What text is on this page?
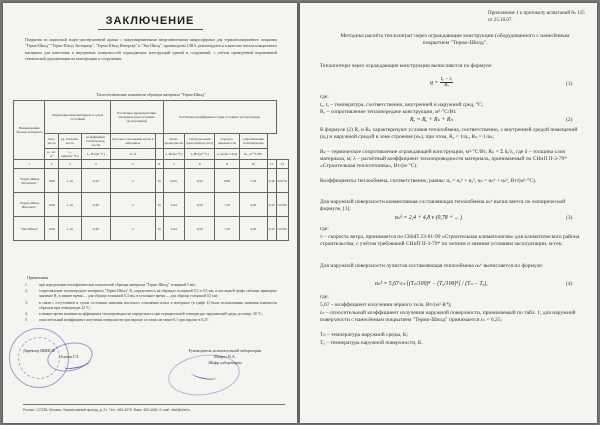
ЗАКЛЮЧЕНИЕ
Покрытия из акриловой водно-дисперсионной краски с вакуумированными неорганическими микросферами для термоизоляционного покрытия "Термо-Шилд" "Термо-Шилд Экстериор", "Термо-Шилд Интерьер" и "Эко-Шилд", производства США, рекомендуются в качестве теплоизоляционного материала для нанесения и внутренних поверхностей ограждающих конструкций зданий и сооружений, с учётом приведённой нормативной технической документации на конструкции и сооружения.
Теплотехнические показатели образцов материала "Термо-Шилд"
Наименование образца материала	Характеристики материала в сухом состоянии			Расчётные характеристики материала (при условиях эксплуатации)		Расчётные коэффициенты (при условиях эксплуатации)					
	плотность	уд. теплоёмкость	коэффициент теплопроводности	массовое отношение влаги в материале		теплопроводности	теплоусвоения (при периоде 24 ч)	паропроницаемости	сопротивление теплопередаче		
	ρ₀, кг/м³	c₀, кДж/(кг·°С)	λ₀, Вт/(м·°С)	w, %		λ, Вт/(м·°С)	s, Вт/(м²·°С)	μ, мг/(м·ч·Па)	R₀, м²·°С/Вт		
1	2	3	4	5	6	7	8	9	10	11	12
"Термо-Шилд Экстериор"	1000	1,10	0,35	5	10	0,051	0,55	6,98	5,18	0,49	0,0170
"Термо-Шилд Интерьер"	1100	1,10	0,40	5	10	0,44	0,50	7,10	6,50	0,45	0,0230
"Эко-Шилд"	1100	1,10	0,40	5	10	0,44	0,50	7,10	6,50	0,45	0,0230
Примечания
1.	при определении теплофизических показателей образцы материала "Термо-Шилд" толщиной 5 мм;
2.	сопротивление теплопередаче материала "Термо-Шилд" R₀ определялось на образцах толщиной 0,5 и 0,3 мм, в последней графе таблицы приведено значение R₀ в зимнее время — для образца толщиной 0,3 мм, в остальное время — для образца толщиной 0,5 мм;
3.	в связи с отсутствием в сухом состоянии значения массового отношения влаги в материале (в графе 4) были использованы значения влажности образцов при температуре 22 °С;
4.	в зимнее время значение коэффициента теплопроводности определялось при отрицательной температуре окружающей среды до минус 30 °С;
5.	относительный коэффициент излучения поверхности при окраске составил не менее 0,1 при окраске в 0,25.
Директор НИИСФ
Осипов Г.Л.
Руководитель испытательной лаборатории
Матрос В.А.
Шифр лаборатории
Россия, 127238, Москва, Локомотивный проезд, д. 21. Тел.: 482-4076. Факс: 482-4060. E-mail: niisf@niisf.ru
Приложение 1 к протоколу испытаний № 125 от 25.10.07.
Методика расчёта теплозатрат через ограждающие конструкции (оборудованного с нанесённым покрытием "Термо-Шилд".
Теплопотери через ограждающие конструкции вычисляются по формуле:
$q = \frac{\text{tₐ − tₓ}}{\text{Rₒ}}$	(1)
где:
tₐ, tₓ – температура, соответственно, внутренней и наружной сред, °С;
Rₒ – сопротивление теплопередаче конструкции, м²·°С/Вт.
Rₒ = Rₐ + Rₖ + Rₙ	(2)
В формуле (2) Rₐ и Rₙ характеризуют условия теплообмена, соответственно, с внутренней средой помещений (αₐ) и наружной средой в зоне строения (αₙ), при этом, Rₐ = 1/αₐ, Rₙ = 1/αₙ;
Rₖ – термическое сопротивление ограждающей конструкции, м²·°С/Вт, Rₖ = Σ δᵢ/λᵢ, где δ – толщина слоя материала, м; λ – расчётный коэффициент теплопроводности материала, принимаемый по СНиП II-3-79* «Строительная теплотехника», Вт/(м·°С).
Коэффициенты теплообмена, соответственно, равны: αₐ = αₐᵏ + αₐʰ, αₙ = αₙᵏ + αₙʰ, Вт/(м²·°С).
Для наружной поверхности конвективная составляющая теплообмена αₙᵏ вычисляется по эмпирической формуле, [1]:
αₙᵏ = 2,4 + 4,8 v (0,78 + ... )	(3)
где:
v – скорость ветра, принимается по СНиП 23-01-99 «Строительная климатология» для климатического района строительства, с учётом требований СНиП II-3-79* по летним и зимним условиям эксплуатации, м/сек.
Для наружной поверхности лучистая составляющая теплообмена αₙʰ вычисляется по формуле:
αₙʰ = 5,67·εₙ·[(Tₙ/100)⁴ − (Tₐ/100)⁴] / (Tₙ − Tₐ),	(4)
где:
5,67 – коэффициент излучения чёрного тела, Вт/(м²·К⁴);
εₙ – относительный коэффициент излучения наружной поверхности, принимаемый по табл. 1; для наружной поверхности с нанесённым покрытием "Термо-Шилд" принимается εₙ = 0,25;
Tₙ – температура наружной среды, К;
Tₐ – температура наружной поверхности, К.
